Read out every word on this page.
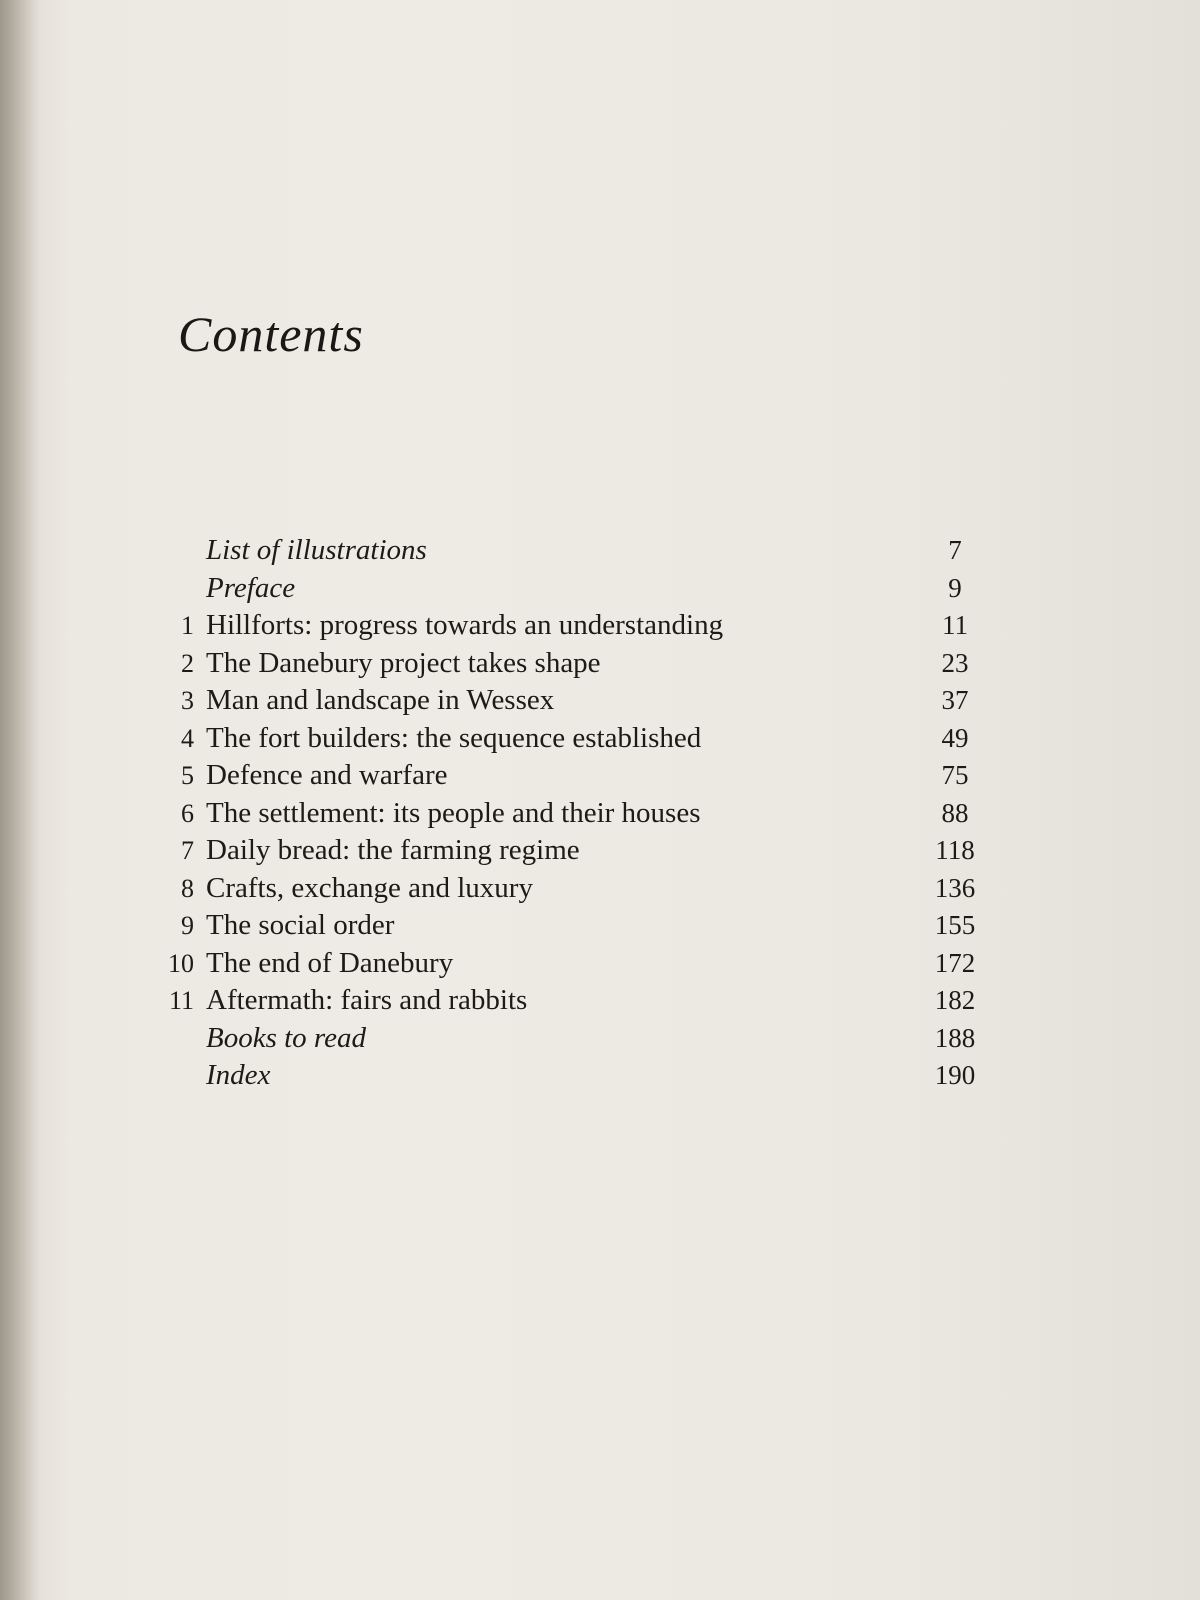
Contents
List of illustrations	7
Preface	9
1 Hillforts: progress towards an understanding	11
2 The Danebury project takes shape	23
3 Man and landscape in Wessex	37
4 The fort builders: the sequence established	49
5 Defence and warfare	75
6 The settlement: its people and their houses	88
7 Daily bread: the farming regime	118
8 Crafts, exchange and luxury	136
9 The social order	155
10 The end of Danebury	172
11 Aftermath: fairs and rabbits	182
Books to read	188
Index	190
